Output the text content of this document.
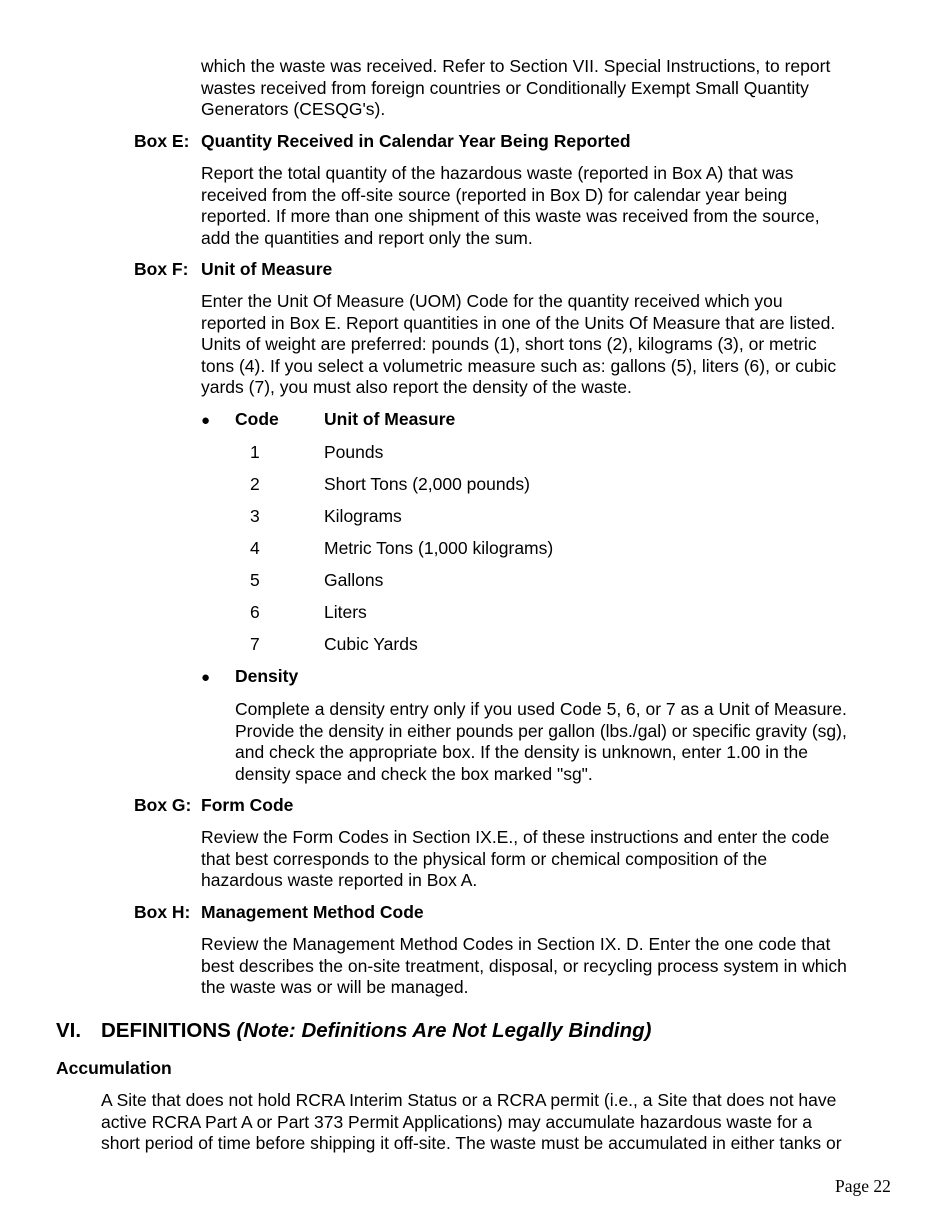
which the waste was received. Refer to Section VII. Special Instructions, to report

wastes received from foreign countries or Conditionally Exempt Small Quantity

Generators (CESQG's).

Box E: Quantity Received in Calendar Year Being Reported

Report the total quantity of the hazardous waste (reported in Box A) that was

received from the off-site source (reported in Box D) for calendar year being

reported. If more than one shipment of this waste was received from the source,

add the quantities and report only the sum.

Box F: Unit of Measure

Enter the Unit Of Measure (UOM) Code for the quantity received which you

reported in Box E. Report quantities in one of the Units Of Measure that are listed.

Units of weight are preferred: pounds (1), short tons (2), kilograms (3), or metric

tons (4). If you select a volumetric measure such as: gallons (5), liters (6), or cubic

yards (7), you must also report the density of the waste.

● Code	Unit of Measure
1	Pounds
2	Short Tons (2,000 pounds)
3	Kilograms
4	Metric Tons (1,000 kilograms)
5	Gallons
6	Liters
7	Cubic Yards
● Density

Complete a density entry only if you used Code 5, 6, or 7 as a Unit of Measure.

Provide the density in either pounds per gallon (lbs./gal) or specific gravity (sg),

and check the appropriate box. If the density is unknown, enter 1.00 in the

density space and check the box marked "sg".

Box G: Form Code

Review the Form Codes in Section IX.E., of these instructions and enter the code

that best corresponds to the physical form or chemical composition of the

hazardous waste reported in Box A.

Box H: Management Method Code

Review the Management Method Codes in Section IX. D. Enter the one code that

best describes the on-site treatment, disposal, or recycling process system in which

the waste was or will be managed.

VI. DEFINITIONS (Note: Definitions Are Not Legally Binding)
Accumulation

A Site that does not hold RCRA Interim Status or a RCRA permit (i.e., a Site that does not have

active RCRA Part A or Part 373 Permit Applications) may accumulate hazardous waste for a

short period of time before shipping it off-site. The waste must be accumulated in either tanks or

Page 22
